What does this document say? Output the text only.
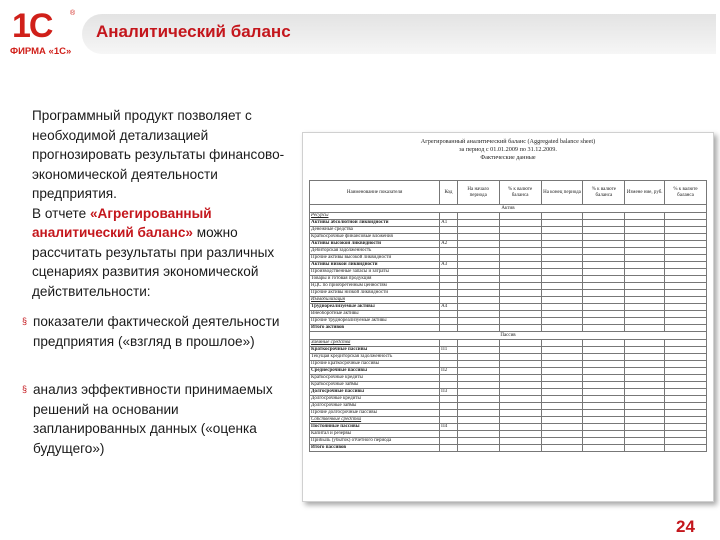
1С	®
ФИРМА «1С»
Аналитический баланс
Программный продукт позволяет с необходимой детализацией прогнозировать результаты финансово-экономической деятельности предприятия.
В отчете «Агрегированный аналитический баланс» можно рассчитать результаты при различных сценариях развития экономической действительности:
§ показатели фактической деятельности предприятия («взгляд в прошлое»)
§ анализ эффективности принимаемых решений на основании запланированных данных («оценка будущего»)
Агрегированный аналитический баланс (Aggregated balance sheet)
за период с 01.01.2009 по 31.12.2009.
Фактические данные
Наименование показателя	Код	На начало периода	% к валюте баланса	На конец периода	% к валюте баланса	Измене ние, руб.	% к валюте баланса
Актив							
Ресурсы							
Активы абсолютной ликвидности	А1						
Денежные средства							
Краткосрочные финансовые вложения							
Активы высокой ликвидности	А2						
Дебиторская задолженность							
Прочие активы высокой ликвидности							
Активы низкой ликвидности	А3						
Производственные запасы и затраты							
Товары и готовая продукция							
НДС по приобретенным ценностям							
Прочие активы низкой ликвидности							
Иммобилизация							
Труднореализуемые активы	А4						
Внеоборотные активы							
Прочие труднореализуемые активы							
Итого активов							
Пассив							
Заемные средства							
Краткосрочные пассивы	П1						
Текущая кредиторская задолженность							
Прочие краткосрочные пассивы							
Среднесрочные пассивы	П2						
Краткосрочные кредиты							
Краткосрочные займы							
Долгосрочные пассивы	П3						
Долгосрочные кредиты							
Долгосрочные займы							
Прочие долгосрочные пассивы							
Собственные средства							
Постоянные пассивы	П4						
Капитал и резервы							
Прибыль (убыток) отчетного периода							
Итого пассивов							
24
